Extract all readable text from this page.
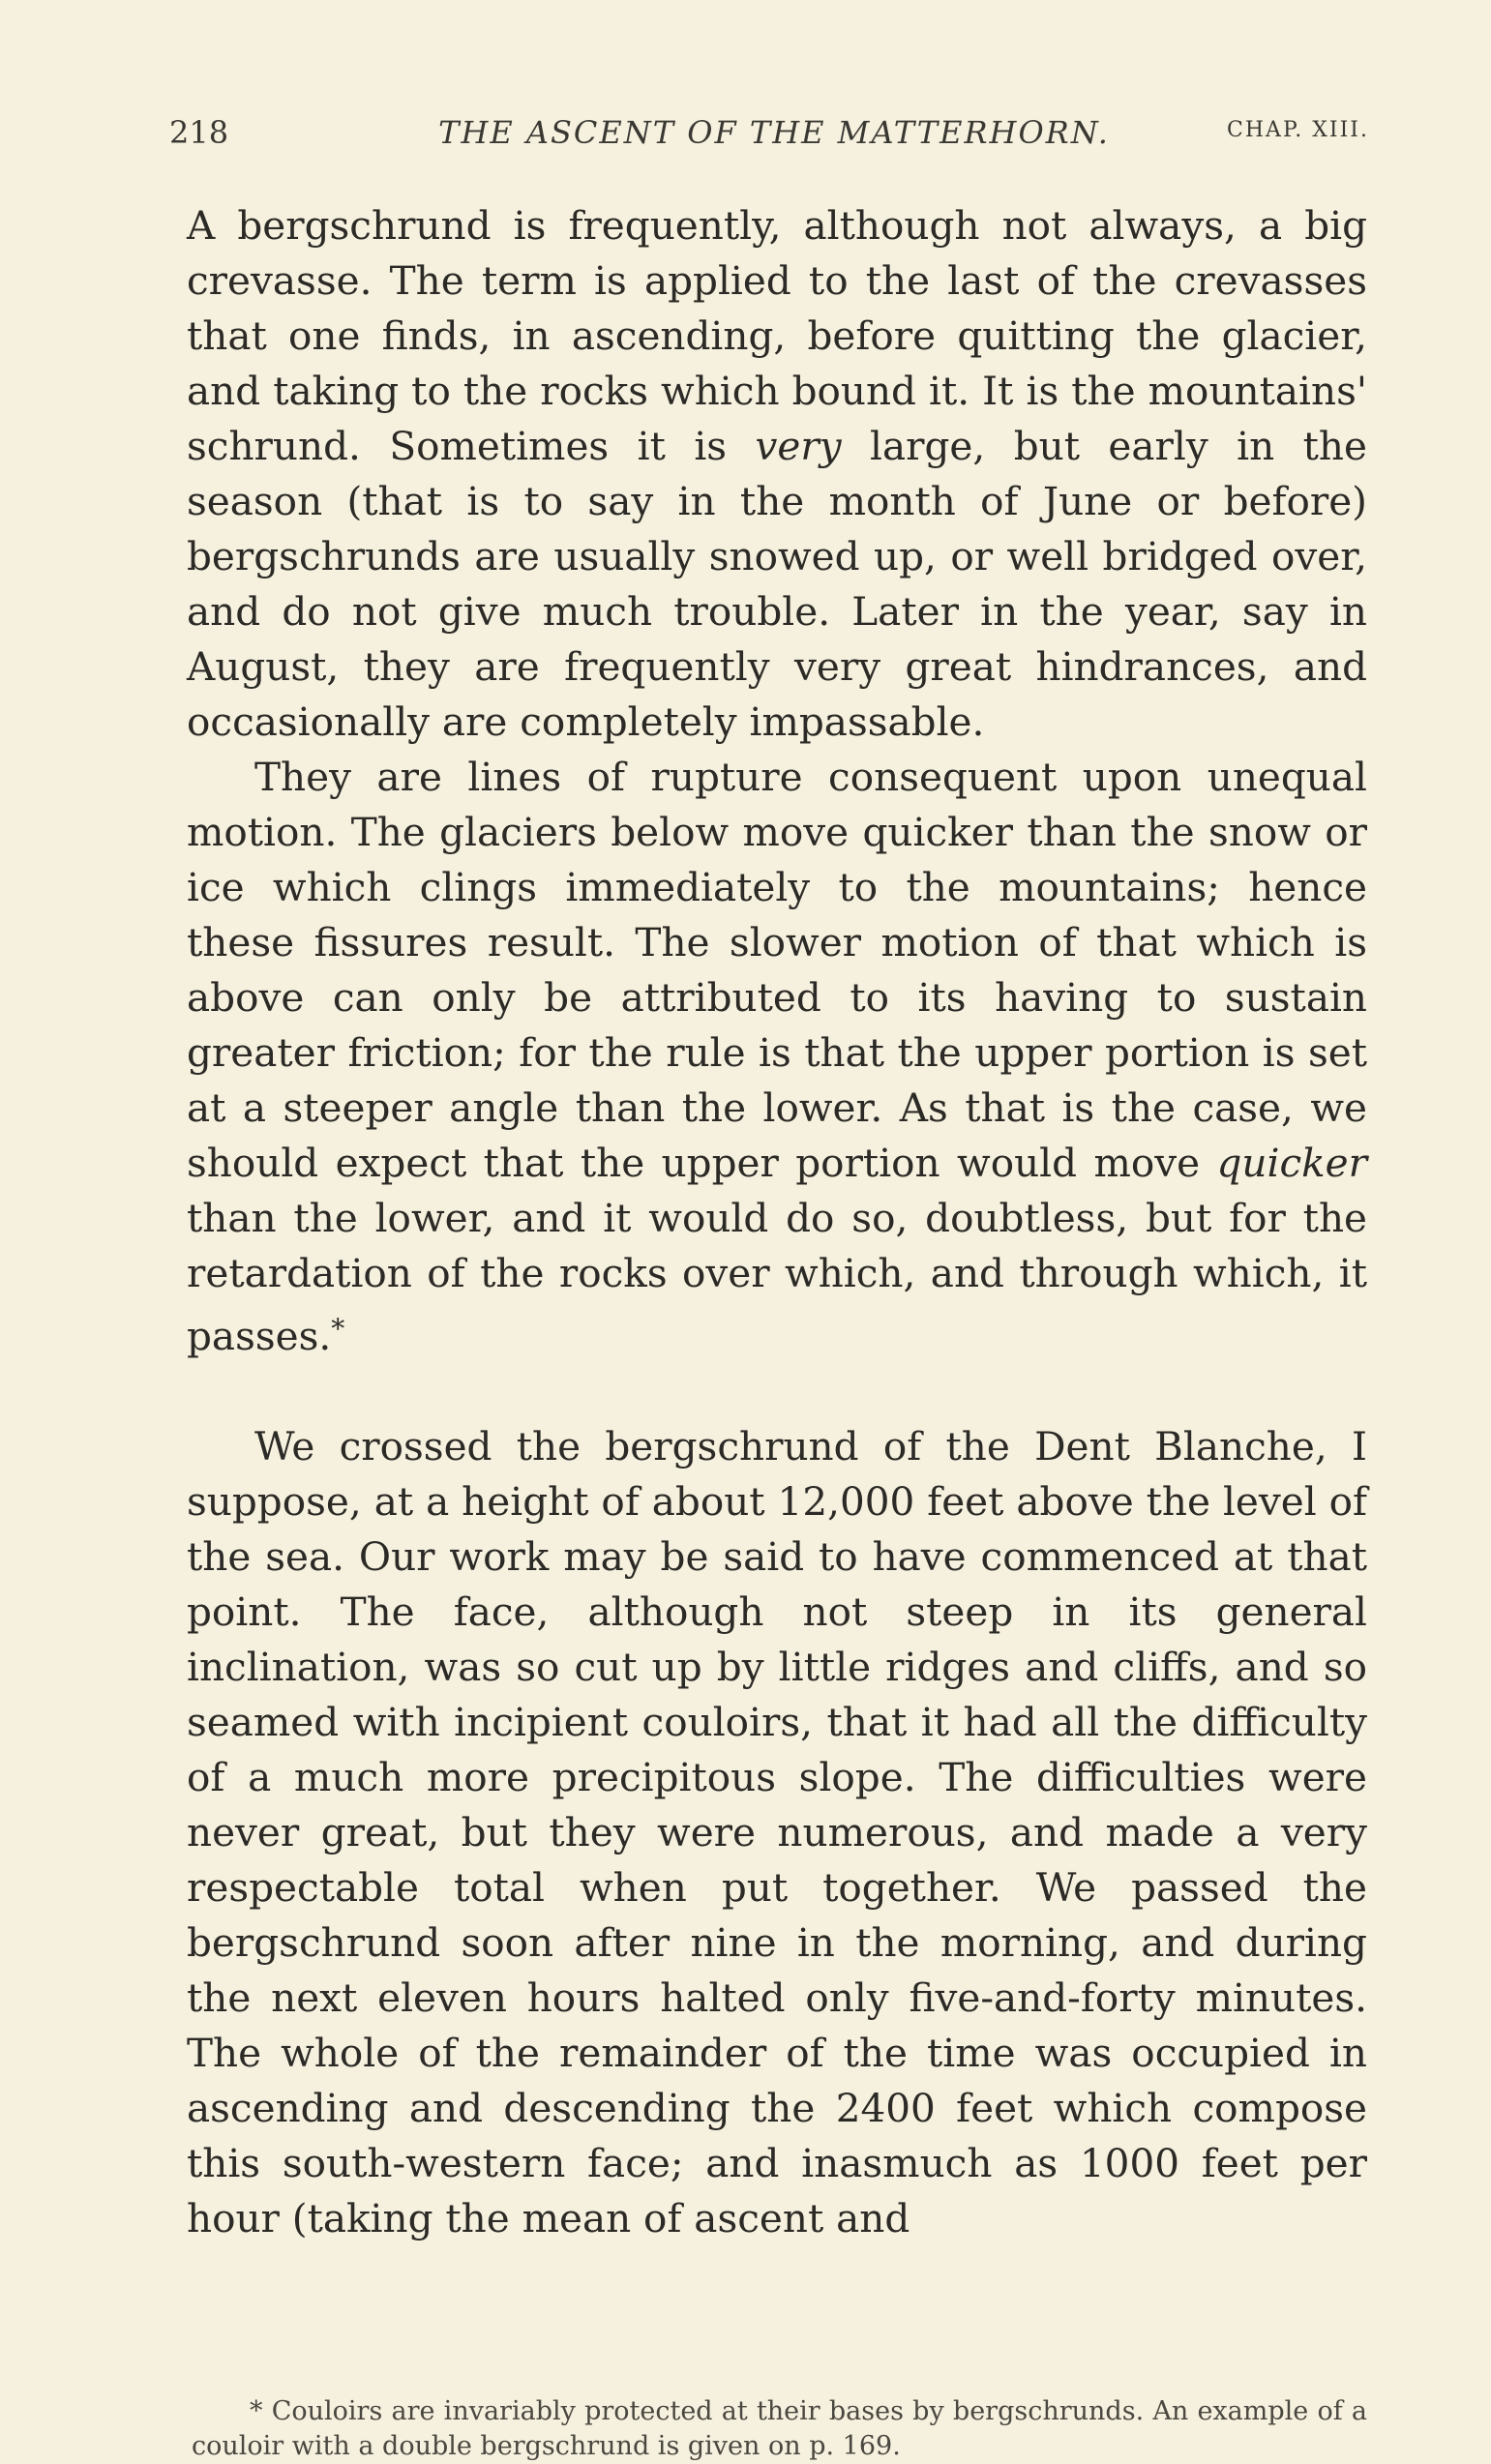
218	THE ASCENT OF THE MATTERHORN.	CHAP. XIII.

A bergschrund is frequently, although not always, a big crevasse. The term is applied to the last of the crevasses that one finds, in ascending, before quitting the glacier, and taking to the rocks which bound it. It is the mountains' schrund. Sometimes it is very large, but early in the season (that is to say in the month of June or before) bergschrunds are usually snowed up, or well bridged over, and do not give much trouble. Later in the year, say in August, they are frequently very great hindrances, and occasionally are completely impassable.

They are lines of rupture consequent upon unequal motion. The glaciers below move quicker than the snow or ice which clings immediately to the mountains; hence these fissures result. The slower motion of that which is above can only be attributed to its having to sustain greater friction; for the rule is that the upper portion is set at a steeper angle than the lower. As that is the case, we should expect that the upper portion would move quicker than the lower, and it would do so, doubtless, but for the retardation of the rocks over which, and through which, it passes.*

We crossed the bergschrund of the Dent Blanche, I suppose, at a height of about 12,000 feet above the level of the sea. Our work may be said to have commenced at that point. The face, although not steep in its general inclination, was so cut up by little ridges and cliffs, and so seamed with incipient couloirs, that it had all the difficulty of a much more precipitous slope. The difficulties were never great, but they were numerous, and made a very respectable total when put together. We passed the bergschrund soon after nine in the morning, and during the next eleven hours halted only five-and-forty minutes. The whole of the remainder of the time was occupied in ascending and descending the 2400 feet which compose this south-western face; and inasmuch as 1000 feet per hour (taking the mean of ascent and

* Couloirs are invariably protected at their bases by bergschrunds. An example of a couloir with a double bergschrund is given on p. 169.
